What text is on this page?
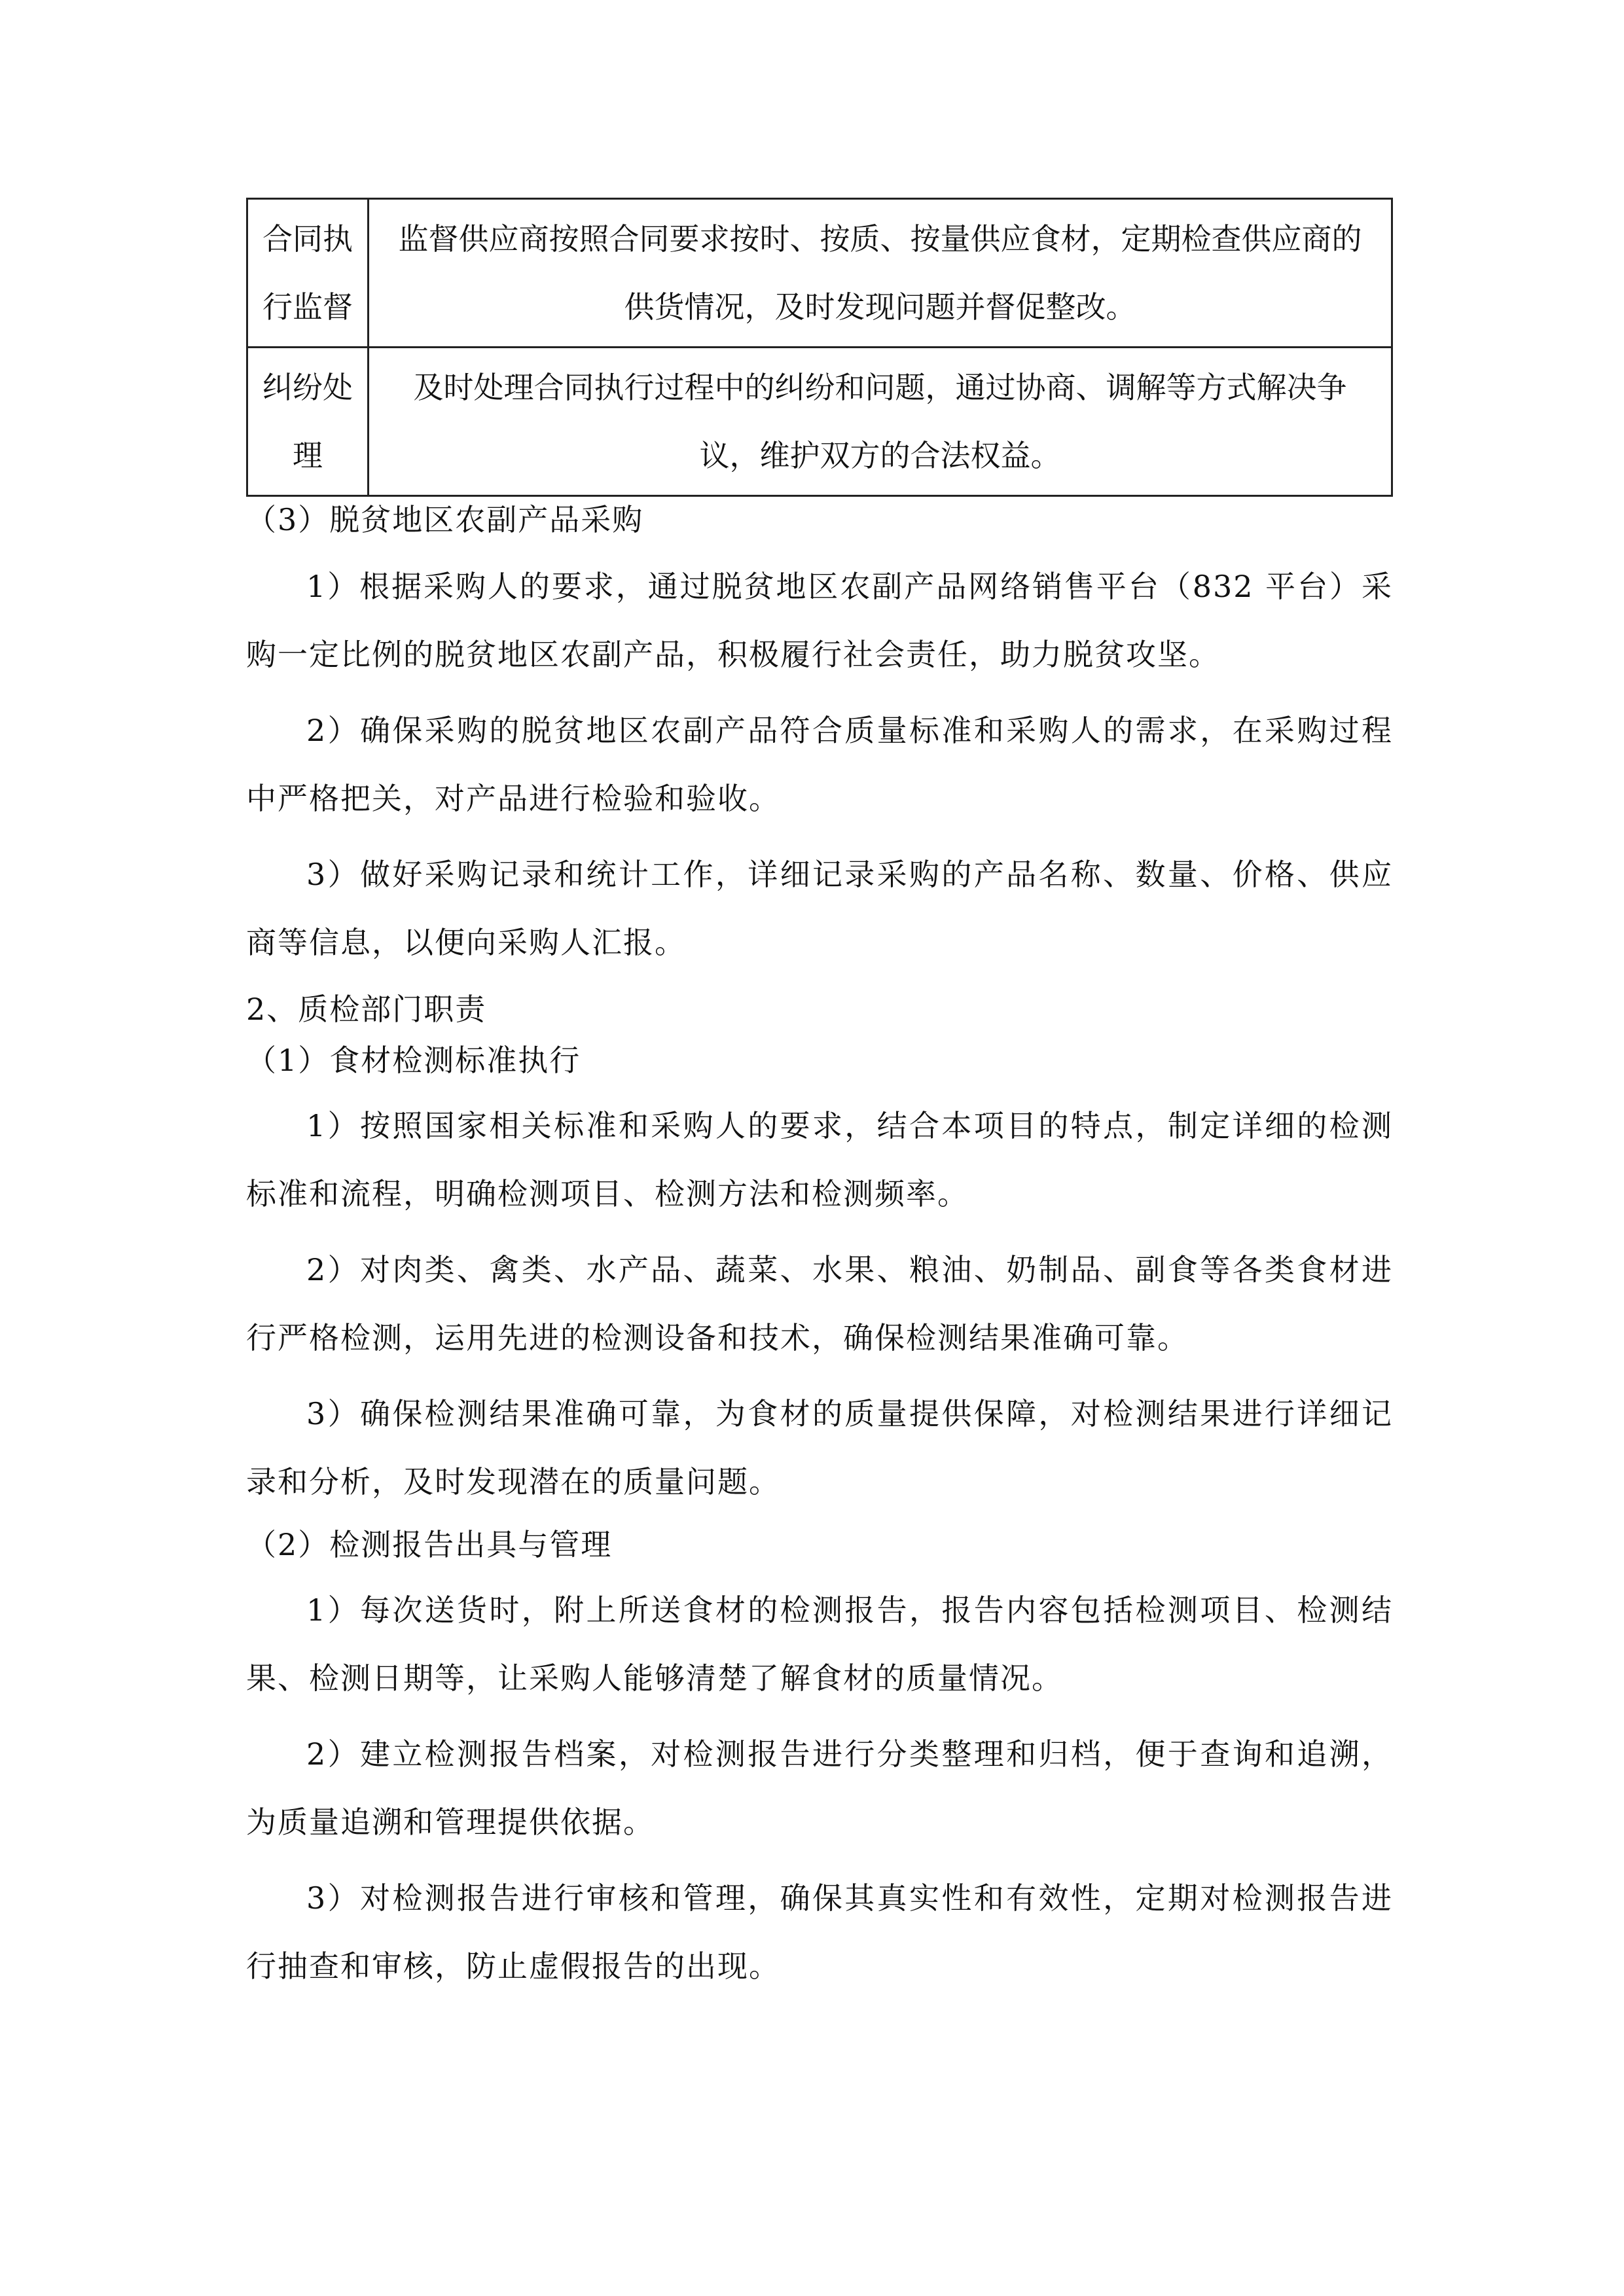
合同执行监督	监督供应商按照合同要求按时、按质、按量供应食材，定期检查供应商的供货情况，及时发现问题并督促整改。
纠纷处理	及时处理合同执行过程中的纠纷和问题，通过协商、调解等方式解决争议，维护双方的合法权益。

（3）脱贫地区农副产品采购

1）根据采购人的要求，通过脱贫地区农副产品网络销售平台（832 平台）采购一定比例的脱贫地区农副产品，积极履行社会责任，助力脱贫攻坚。

2）确保采购的脱贫地区农副产品符合质量标准和采购人的需求，在采购过程中严格把关，对产品进行检验和验收。

3）做好采购记录和统计工作，详细记录采购的产品名称、数量、价格、供应商等信息，以便向采购人汇报。

2、质检部门职责

（1）食材检测标准执行

1）按照国家相关标准和采购人的要求，结合本项目的特点，制定详细的检测标准和流程，明确检测项目、检测方法和检测频率。

2）对肉类、禽类、水产品、蔬菜、水果、粮油、奶制品、副食等各类食材进行严格检测，运用先进的检测设备和技术，确保检测结果准确可靠。

3）确保检测结果准确可靠，为食材的质量提供保障，对检测结果进行详细记录和分析，及时发现潜在的质量问题。

（2）检测报告出具与管理

1）每次送货时，附上所送食材的检测报告，报告内容包括检测项目、检测结果、检测日期等，让采购人能够清楚了解食材的质量情况。

2）建立检测报告档案，对检测报告进行分类整理和归档，便于查询和追溯，为质量追溯和管理提供依据。

3）对检测报告进行审核和管理，确保其真实性和有效性，定期对检测报告进行抽查和审核，防止虚假报告的出现。
